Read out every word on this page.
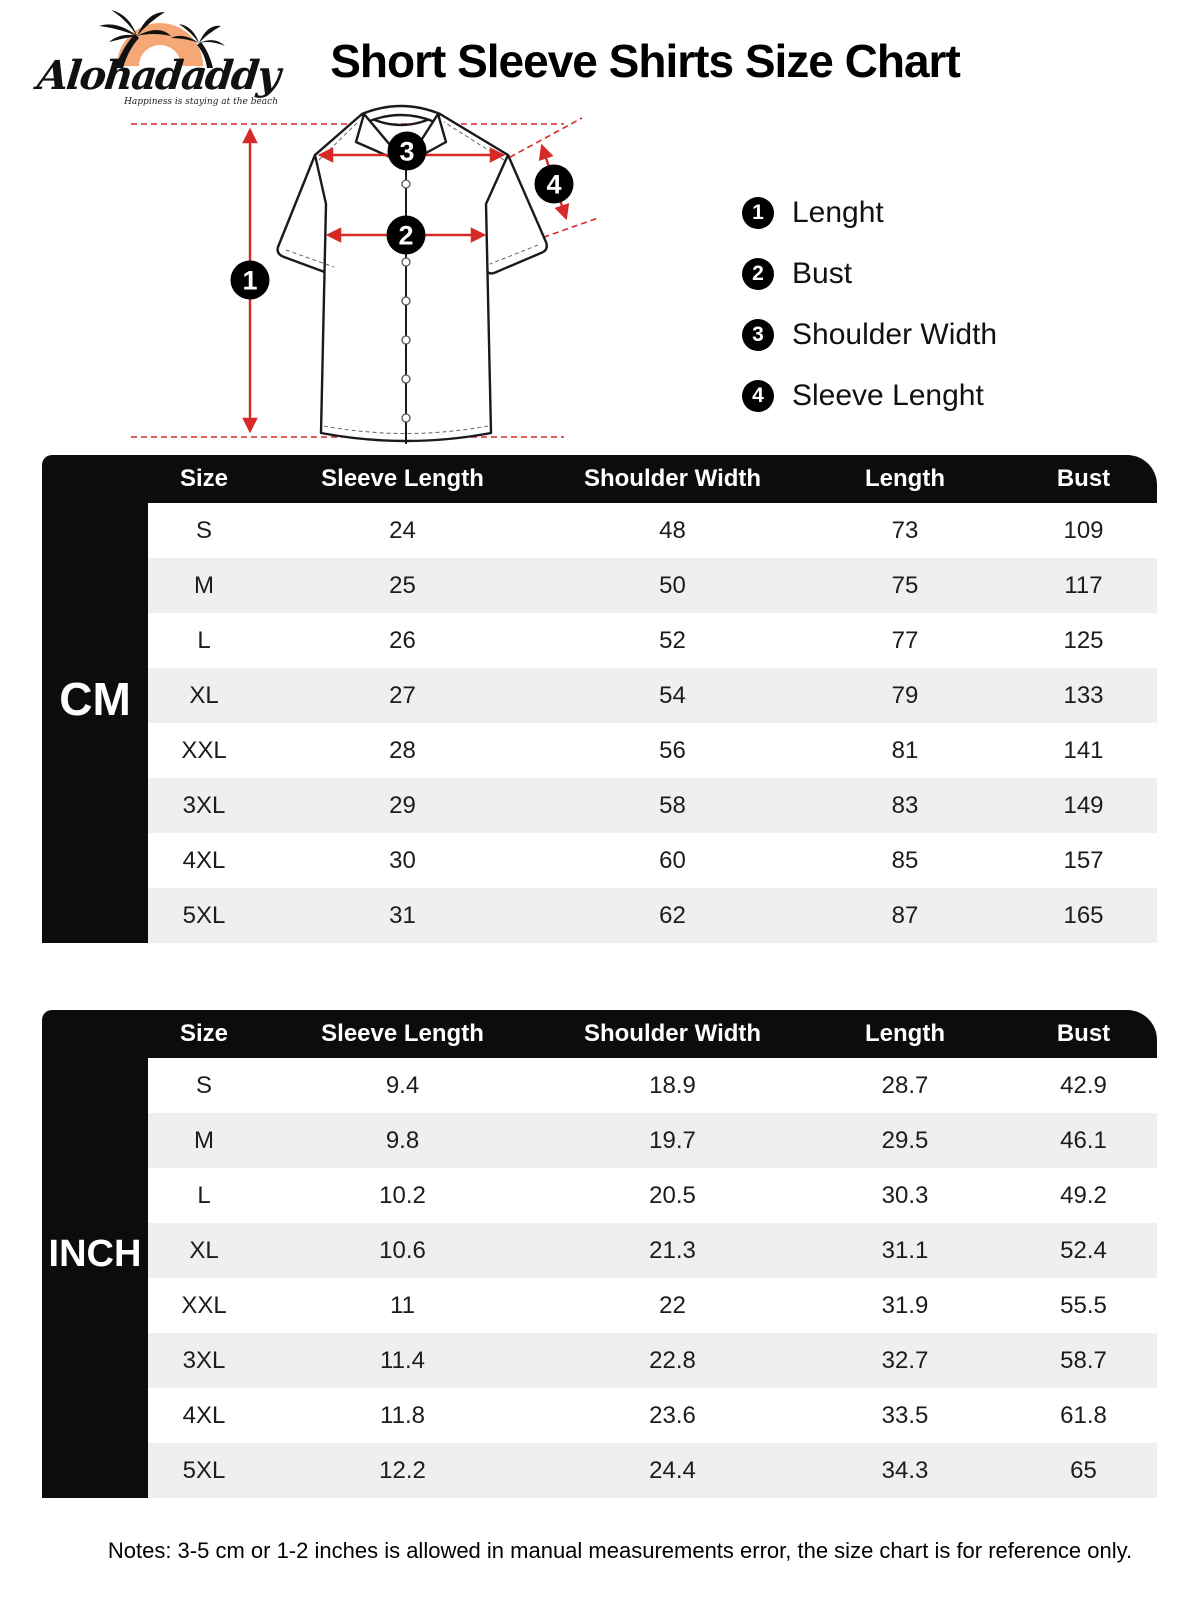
Alohadaddy
Happiness is staying at the beach
Short Sleeve Shirts Size Chart
1
2
3
4
1 Lenght
2 Bust
3 Shoulder Width
4 Sleeve Lenght
CM
Size	Sleeve Length	Shoulder Width	Length	Bust
S	24	48	73	109
M	25	50	75	117
L	26	52	77	125
XL	27	54	79	133
XXL	28	56	81	141
3XL	29	58	83	149
4XL	30	60	85	157
5XL	31	62	87	165
INCH
Size	Sleeve Length	Shoulder Width	Length	Bust
S	9.4	18.9	28.7	42.9
M	9.8	19.7	29.5	46.1
L	10.2	20.5	30.3	49.2
XL	10.6	21.3	31.1	52.4
XXL	11	22	31.9	55.5
3XL	11.4	22.8	32.7	58.7
4XL	11.8	23.6	33.5	61.8
5XL	12.2	24.4	34.3	65
Notes: 3-5 cm or 1-2 inches is allowed in manual measurements error, the size chart is for reference only.
